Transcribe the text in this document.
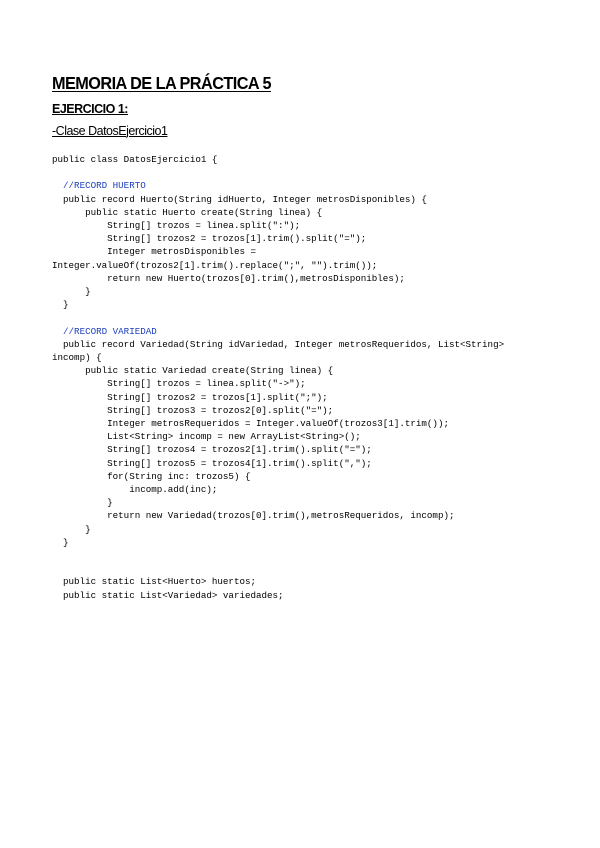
MEMORIA DE LA PRÁCTICA 5
EJERCICIO 1:
-Clase DatosEjercicio1
public class DatosEjercicio1 {
//RECORD HUERTO
public record Huerto(String idHuerto, Integer metrosDisponibles) {
public static Huerto create(String linea) {
String[] trozos = linea.split(":");
String[] trozos2 = trozos[1].trim().split("=");
Integer metrosDisponibles =
Integer.valueOf(trozos2[1].trim().replace(";", "").trim());
return new Huerto(trozos[0].trim(),metrosDisponibles);
}
}
//RECORD VARIEDAD
public record Variedad(String idVariedad, Integer metrosRequeridos, List<String>
incomp) {
public static Variedad create(String linea) {
String[] trozos = linea.split("->");
String[] trozos2 = trozos[1].split(";");
String[] trozos3 = trozos2[0].split("=");
Integer metrosRequeridos = Integer.valueOf(trozos3[1].trim());
List<String> incomp = new ArrayList<String>();
String[] trozos4 = trozos2[1].trim().split("=");
String[] trozos5 = trozos4[1].trim().split(",");
for(String inc: trozos5) {
incomp.add(inc);
}
return new Variedad(trozos[0].trim(),metrosRequeridos, incomp);
}
}
public static List<Huerto> huertos;
public static List<Variedad> variedades;
